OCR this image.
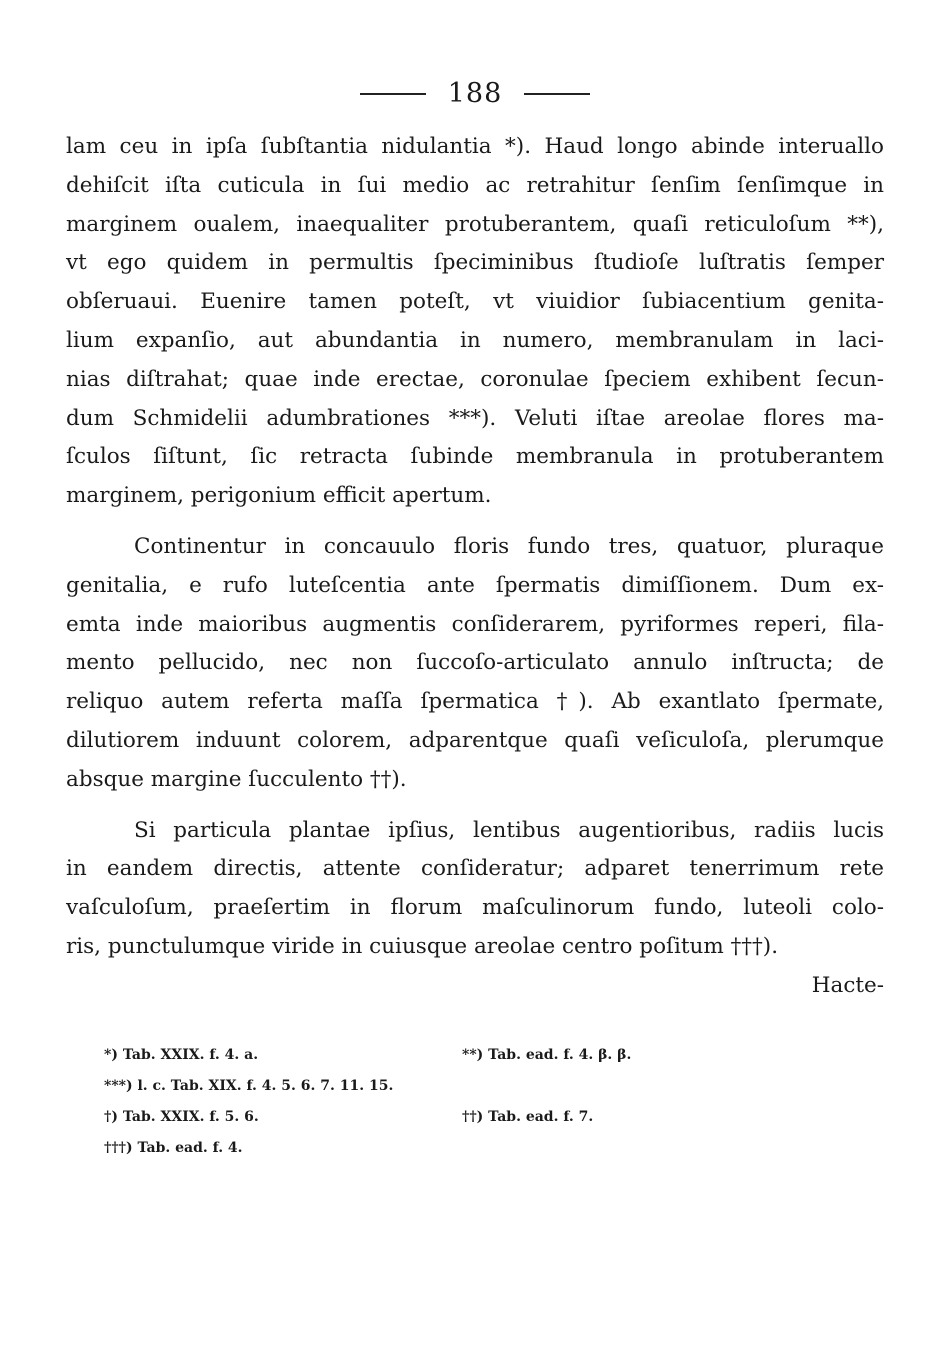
188
lam ceu in ipſa ſubſtantia nidulantia *). Haud longo abinde interuallo
dehiſcit iſta cuticula in ſui medio ac retrahitur ſenſim ſenſimque in
marginem oualem, inaequaliter protuberantem, quaſi reticuloſum **),
vt ego quidem in permultis ſpeciminibus ſtudioſe luſtratis ſemper
obſeruaui. Euenire tamen poteſt, vt viuidior ſubiacentium genita-
lium expanſio, aut abundantia in numero, membranulam in laci-
nias diſtrahat; quae inde erectae, coronulae ſpeciem exhibent ſecun-
dum Schmidelii adumbrationes ***). Veluti iſtae areolae flores ma-
ſculos ſiſtunt, ſic retracta ſubinde membranula in protuberantem
marginem, perigonium efficit apertum.
Continentur in concauulo floris fundo tres, quatuor, pluraque
genitalia, e rufo luteſcentia ante ſpermatis dimiſſionem. Dum ex-
emta inde maioribus augmentis conſiderarem, pyriformes reperi, fila-
mento pellucido, nec non ſuccoſo-articulato annulo inſtructa; de
reliquo autem referta maſſa ſpermatica †). Ab exantlato ſpermate,
dilutiorem induunt colorem, adparentque quaſi veſiculoſa, plerumque
absque margine ſucculento ††).
Si particula plantae ipſius, lentibus augentioribus, radiis lucis
in eandem directis, attente conſideratur; adparet tenerrimum rete
vaſculoſum, praeſertim in florum maſculinorum fundo, luteoli colo-
ris, punctulumque viride in cuiusque areolae centro poſitum †††).
Hacte-
*) Tab. XXIX. f. 4. a.	**) Tab. ead. f. 4. β. β.
***) l. c. Tab. XIX. f. 4. 5. 6. 7. 11. 15.
†) Tab. XXIX. f. 5. 6.	††) Tab. ead. f. 7.
†††) Tab. ead. f. 4.
